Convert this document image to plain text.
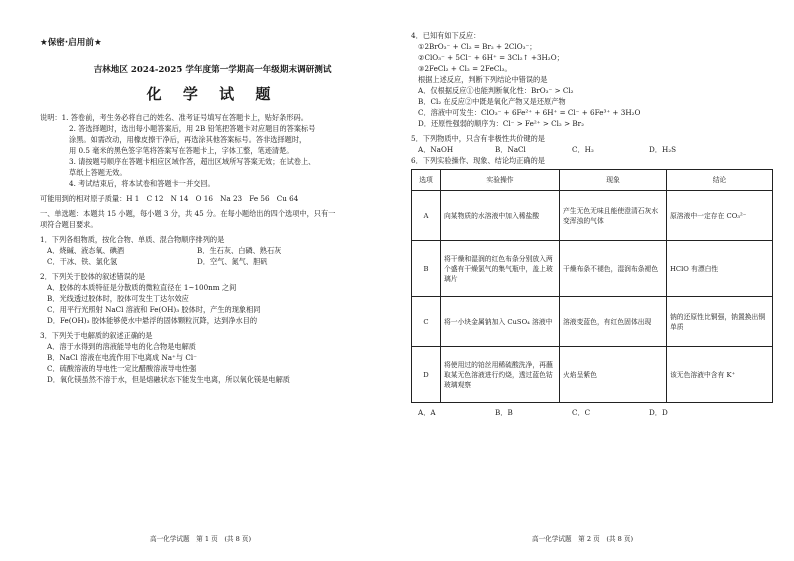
★保密·启用前★
吉林地区 2024-2025 学年度第一学期高一年级期末调研测试
化 学 试 题
说明：1. 答卷前，考生务必将自己的姓名、准考证号填写在答题卡上，贴好条形码。
2. 答选择题时，选出每小题答案后，用 2B 铅笔把答题卡对应题目的答案标号
涂黑。如需改动，用橡皮擦干净后，再选涂其他答案标号。答非选择题时，
用 0.5 毫米的黑色签字笔将答案写在答题卡上，字体工整，笔迹清楚。
3. 请按题号顺序在答题卡相应区域作答，超出区域所写答案无效；在试卷上、
草纸上答题无效。
4. 考试结束后，将本试卷和答题卡一并交回。
可能用到的相对原子质量：H 1　C 12　N 14　O 16　Na 23　Fe 56　Cu 64
一、单选题：本题共 15 小题，每小题 3 分，共 45 分。在每小题给出的四个选项中，只有一
项符合题目要求。
1．下列各组物质，按化合物、单质、混合物顺序排列的是
A．烧碱、液态氧、碘酒	B．生石灰、白磷、熟石灰
C．干冰、铁、氯化氢	D．空气、氮气、胆矾
2．下列关于胶体的叙述错误的是
A．胶体的本质特征是分散质的微粒直径在 1~100nm 之间
B．光线透过胶体时，胶体可发生丁达尔效应
C．用平行光照射 NaCl 溶液和 Fe(OH)₃ 胶体时，产生的现象相同
D．Fe(OH)₃ 胶体能够使水中悬浮的固体颗粒沉降，达到净水目的
3．下列关于电解质的叙述正确的是
A．溶于水得到的溶液能导电的化合物是电解质
B．NaCl 溶液在电流作用下电离成 Na⁺与 Cl⁻
C．硫酸溶液的导电性一定比醋酸溶液导电性强
D．氧化镁虽然不溶于水，但是熔融状态下能发生电离，所以氧化镁是电解质
高一化学试题　第 1 页　(共 8 页)
4．已知有如下反应：
①2BrO₃⁻ + Cl₂ = Br₂ + 2ClO₃⁻；
②ClO₃⁻ + 5Cl⁻ + 6H⁺ = 3Cl₂↑ +3H₂O；
③2FeCl₂ + Cl₂ = 2FeCl₃。
根据上述反应，判断下列结论中错误的是
A．仅根据反应①也能判断氧化性：BrO₃⁻ > Cl₂
B．Cl₂ 在反应②中既是氧化产物又是还原产物
C．溶液中可发生：ClO₃⁻ + 6Fe²⁺ + 6H⁺ = Cl⁻ + 6Fe³⁺ + 3H₂O
D．还原性强弱的顺序为：Cl⁻ > Fe²⁺ > Cl₂ > Br₂
5．下列物质中，只含有非极性共价键的是
A．NaOH	B．NaCl	C．H₂	D．H₂S
6．下列实验操作、现象、结论均正确的是
选项	实验操作	现象	结论
A	向某物质的水溶液中加入稀盐酸	产生无色无味且能使澄清石灰水变浑浊的气体	原溶液中一定存在 CO₃²⁻
B	将干燥和湿润的红色布条分别放入两个盛有干燥氯气的集气瓶中，盖上玻璃片	干燥布条不褪色，湿润布条褪色	HClO 有漂白性
C	将一小块金属钠加入 CuSO₄ 溶液中	溶液变蓝色，有红色固体出现	钠的还原性比铜强，钠置换出铜单质
D	将使用过的铂丝用稀硫酸洗净，再蘸取某无色溶液进行灼烧，透过蓝色钴玻璃观察	火焰呈紫色	该无色溶液中含有 K⁺
A．A	B．B	C．C	D．D
高一化学试题　第 2 页　(共 8 页)
